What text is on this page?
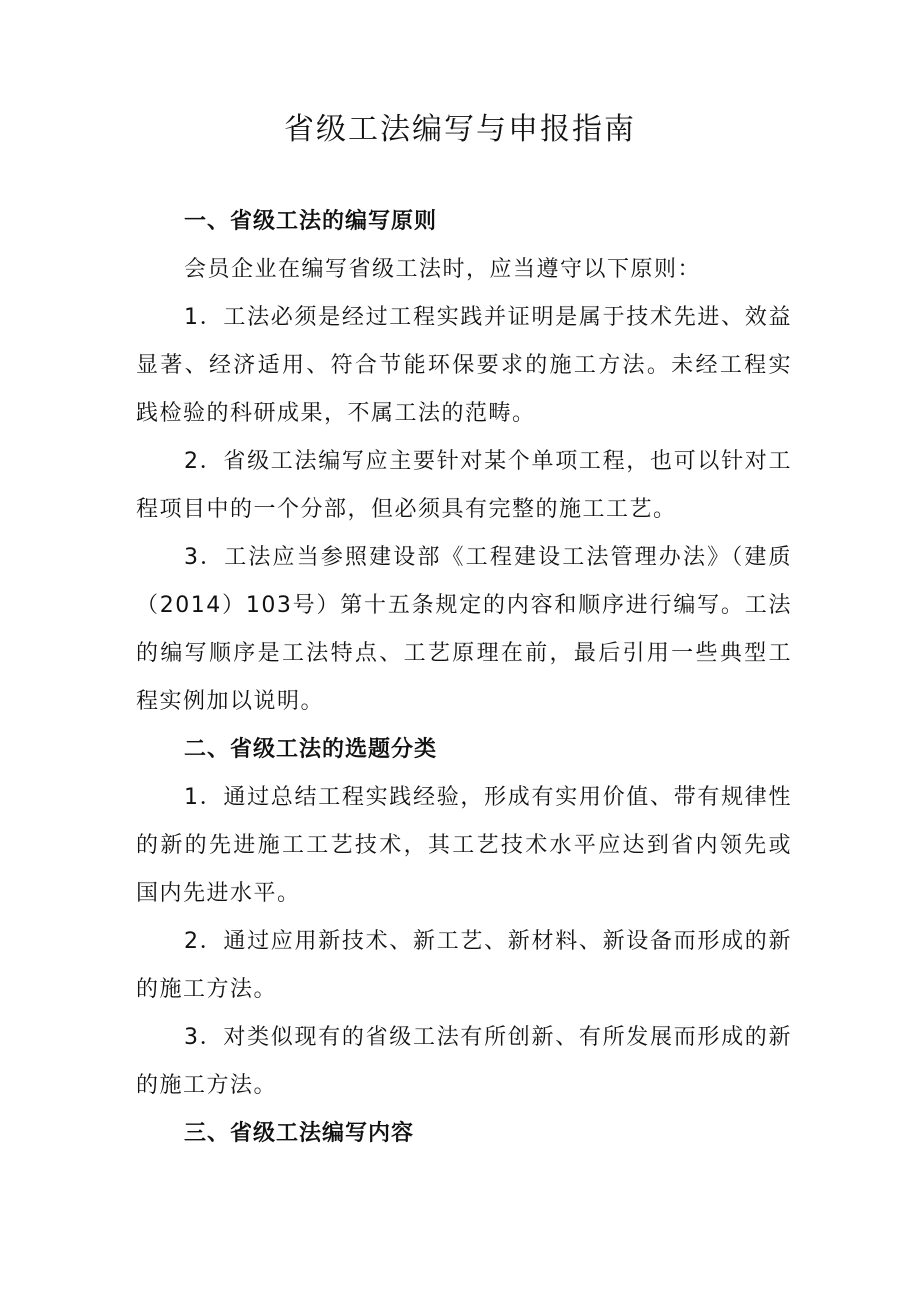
省级工法编写与申报指南

一、省级工法的编写原则

会员企业在编写省级工法时，应当遵守以下原则：

1．工法必须是经过工程实践并证明是属于技术先进、效益显著、经济适用、符合节能环保要求的施工方法。未经工程实践检验的科研成果，不属工法的范畴。

2．省级工法编写应主要针对某个单项工程，也可以针对工程项目中的一个分部，但必须具有完整的施工工艺。

3．工法应当参照建设部《工程建设工法管理办法》（建质（2014）103号）第十五条规定的内容和顺序进行编写。工法的编写顺序是工法特点、工艺原理在前，最后引用一些典型工程实例加以说明。

二、省级工法的选题分类

1．通过总结工程实践经验，形成有实用价值、带有规律性的新的先进施工工艺技术，其工艺技术水平应达到省内领先或国内先进水平。

2．通过应用新技术、新工艺、新材料、新设备而形成的新的施工方法。

3．对类似现有的省级工法有所创新、有所发展而形成的新的施工方法。

三、省级工法编写内容
